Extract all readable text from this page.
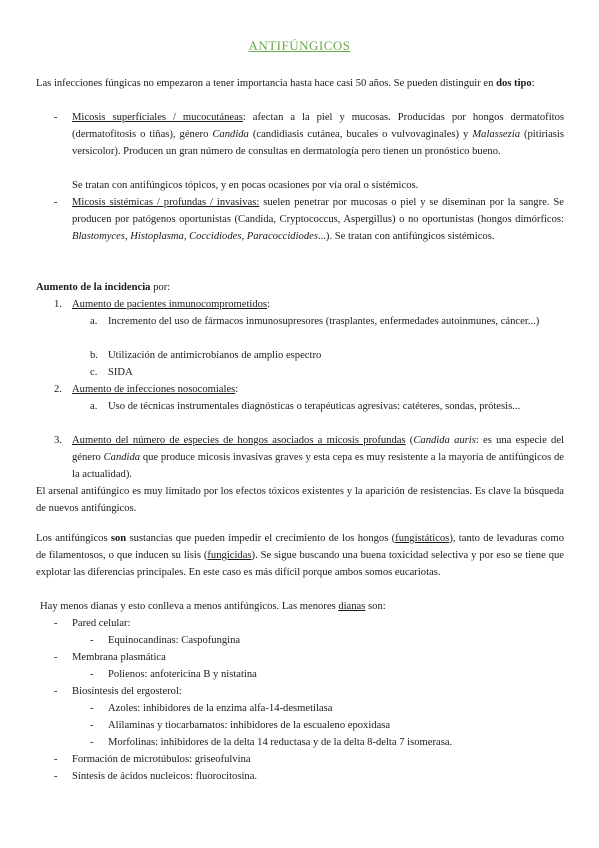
ANTIFÚNGICOS
Las infecciones fúngicas no empezaron a tener importancia hasta hace casi 50 años. Se pueden distinguir en dos tipo:
- Micosis superficiales / mucocutáneas: afectan a la piel y mucosas. Producidas por hongos dermatofitos (dermatofitosis o tiñas), género Candida (candidiasis cutánea, bucales o vulvovaginales) y Malassezia (pitiriasis versicolor). Producen un gran número de consultas en dermatología pero tienen un pronóstico bueno.
Se tratan con antifúngicos tópicos, y en pocas ocasiones por vía oral o sistémicos.
- Micosis sistémicas / profundas / invasivas: suelen penetrar por mucosas o piel y se diseminan por la sangre. Se producen por patógenos oportunistas (Candida, Cryptococcus, Aspergillus) o no oportunistas (hongos dimórficos: Blastomyces, Histoplasma, Coccidiodes, Paracoccidiodes...). Se tratan con antifúngicos sistémicos.
Aumento de la incidencia por:
1. Aumento de pacientes inmunocomprometidos:
a. Incremento del uso de fármacos inmunosupresores (trasplantes, enfermedades autoinmunes, cáncer...)
b. Utilización de antimicrobianos de amplio espectro
c. SIDA
2. Aumento de infecciones nosocomiales:
a. Uso de técnicas instrumentales diagnósticas o terapéuticas agresivas: catéteres, sondas, prótesis...
3. Aumento del número de especies de hongos asociados a micosis profundas (Candida auris: es una especie del género Candida que produce micosis invasivas graves y esta cepa es muy resistente a la mayoría de antifúngicos de la actualidad).
El arsenal antifúngico es muy limitado por los efectos tóxicos existentes y la aparición de resistencias. Es clave la búsqueda de nuevos antifúngicos.
Los antifúngicos son sustancias que pueden impedir el crecimiento de los hongos (fungistáticos), tanto de levaduras como de filamentosos, o que inducen su lisis (fungicidas). Se sigue buscando una buena toxicidad selectiva y por eso se tiene que explotar las diferencias principales. En este caso es más difícil porque ambos somos eucariotas.
Hay menos dianas y esto conlleva a menos antifúngicos. Las menores dianas son:
- Pared celular:
- Equinocandinas: Caspofungina
- Membrana plasmática
- Polienos: anfotericina B y nistatina
- Biosíntesis del ergosterol:
- Azoles: inhibidores de la enzima alfa-14-desmetilasa
- Alilaminas y tiocarbamatos: inhibidores de la escualeno epoxidasa
- Morfolinas: inhibidores de la delta 14 reductasa y de la delta 8-delta 7 isomerasa.
- Formación de microtúbulos: griseofulvina
- Síntesis de ácidos nucleicos: fluorocitosina.
